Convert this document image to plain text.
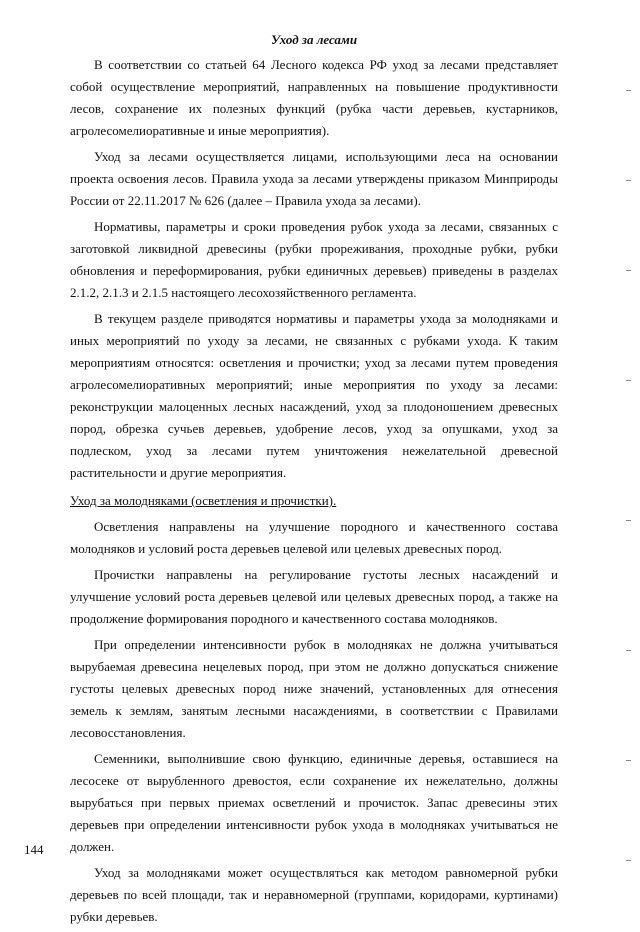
Уход за лесами

В соответствии со статьей 64 Лесного кодекса РФ уход за лесами представляет собой осуществление мероприятий, направленных на повышение продуктивности лесов, сохранение их полезных функций (рубка части деревьев, кустарников, агролесомелиоративные и иные мероприятия).

Уход за лесами осуществляется лицами, использующими леса на основании проекта освоения лесов. Правила ухода за лесами утверждены приказом Минприроды России от 22.11.2017 № 626 (далее – Правила ухода за лесами).

Нормативы, параметры и сроки проведения рубок ухода за лесами, связанных с заготовкой ликвидной древесины (рубки прореживания, проходные рубки, рубки обновления и переформирования, рубки единичных деревьев) приведены в разделах 2.1.2, 2.1.3 и 2.1.5 настоящего лесохозяйственного регламента.

В текущем разделе приводятся нормативы и параметры ухода за молодняками и иных мероприятий по уходу за лесами, не связанных с рубками ухода. К таким мероприятиям относятся: осветления и прочистки; уход за лесами путем проведения агролесомелиоративных мероприятий; иные мероприятия по уходу за лесами: реконструкции малоценных лесных насаждений, уход за плодоношением древесных пород, обрезка сучьев деревьев, удобрение лесов, уход за опушками, уход за подлеском, уход за лесами путем уничтожения нежелательной древесной растительности и другие мероприятия.

Уход за молодняками (осветления и прочистки).

Осветления направлены на улучшение породного и качественного состава молодняков и условий роста деревьев целевой или целевых древесных пород.

Прочистки направлены на регулирование густоты лесных насаждений и улучшение условий роста деревьев целевой или целевых древесных пород, а также на продолжение формирования породного и качественного состава молодняков.

При определении интенсивности рубок в молодняках не должна учитываться вырубаемая древесина нецелевых пород, при этом не должно допускаться снижение густоты целевых древесных пород ниже значений, установленных для отнесения земель к землям, занятым лесными насаждениями, в соответствии с Правилами лесовосстановления.

Семенники, выполнившие свою функцию, единичные деревья, оставшиеся на лесосеке от вырубленного древостоя, если сохранение их нежелательно, должны вырубаться при первых приемах осветлений и прочисток. Запас древесины этих деревьев при определении интенсивности рубок ухода в молодняках учитываться не должен.

Уход за молодняками может осуществляться как методом равномерной рубки деревьев по всей площади, так и неравномерной (группами, коридорами, куртинами) рубки деревьев.

144
